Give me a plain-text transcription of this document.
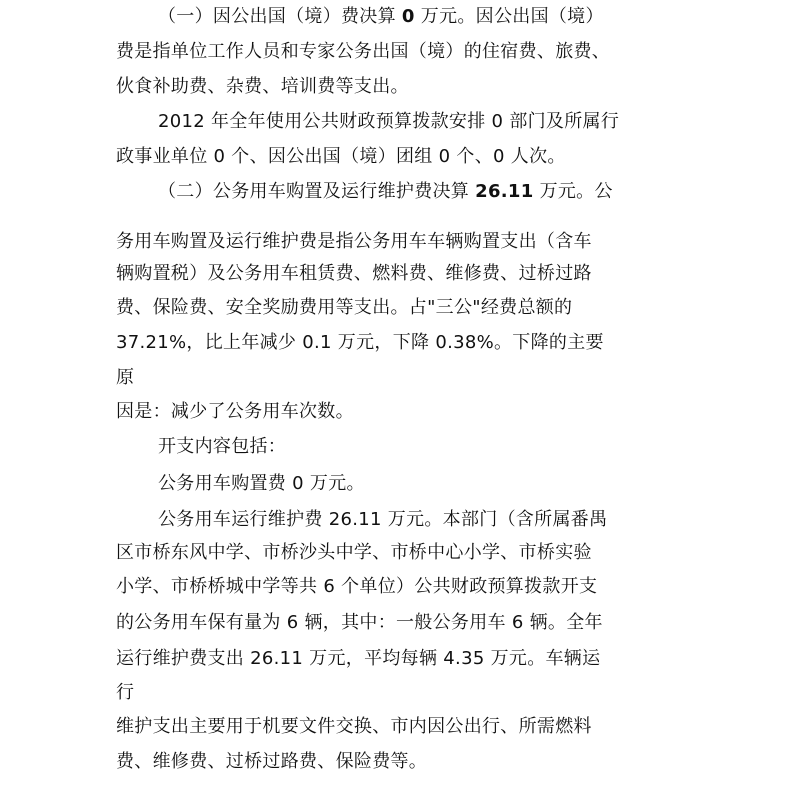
（一）因公出国（境）费决算 0 万元。因公出国（境）
费是指单位工作人员和专家公务出国（境）的住宿费、旅费、
伙食补助费、杂费、培训费等支出。
2012 年全年使用公共财政预算拨款安排 0 部门及所属行
政事业单位 0 个、因公出国（境）团组 0 个、0 人次。
（二）公务用车购置及运行维护费决算 26.11 万元。公
务用车购置及运行维护费是指公务用车车辆购置支出（含车
辆购置税）及公务用车租赁费、燃料费、维修费、过桥过路
费、保险费、安全奖励费用等支出。占"三公"经费总额的
37.21%，比上年减少 0.1 万元，下降 0.38%。下降的主要
原
因是：减少了公务用车次数。
开支内容包括：
公务用车购置费 0 万元。
公务用车运行维护费 26.11 万元。本部门（含所属番禺
区市桥东风中学、市桥沙头中学、市桥中心小学、市桥实验
小学、市桥桥城中学等共 6 个单位）公共财政预算拨款开支
的公务用车保有量为 6 辆，其中：一般公务用车 6 辆。全年
运行维护费支出 26.11 万元，平均每辆 4.35 万元。车辆运
行
维护支出主要用于机要文件交换、市内因公出行、所需燃料
费、维修费、过桥过路费、保险费等。
